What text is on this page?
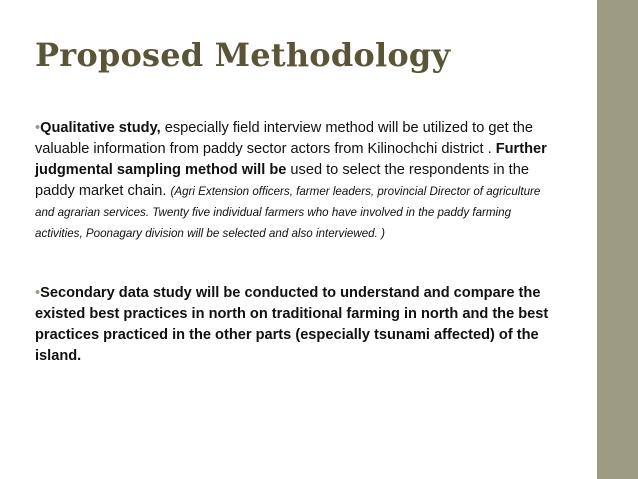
Proposed Methodology
•Qualitative study, especially field interview method will be utilized to get the valuable information from paddy sector actors from Kilinochchi district . Further judgmental sampling method will be used to select the respondents in the paddy market chain. (Agri Extension officers, farmer leaders, provincial Director of agriculture and agrarian services. Twenty five individual farmers who have involved in the paddy farming activities, Poonagary division will be selected and also interviewed. )
•Secondary data study will be conducted to understand and compare the existed best practices in north on traditional farming in north and the best practices practiced in the other parts (especially tsunami affected) of the island.
